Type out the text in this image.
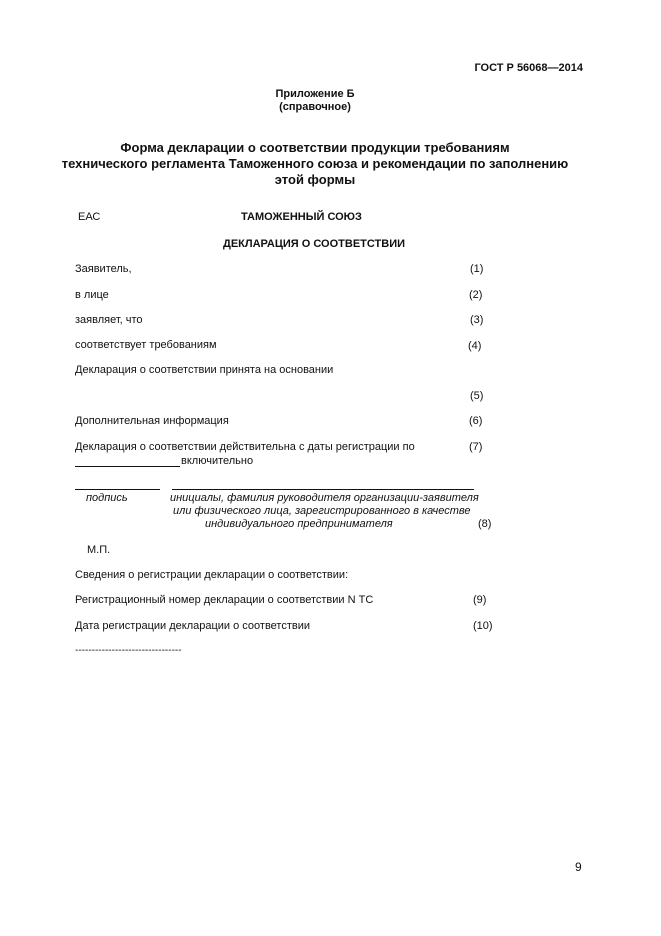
ГОСТ Р 56068—2014
Приложение Б
(справочное)
Форма декларации о соответствии продукции требованиям
технического регламента Таможенного союза и рекомендации по заполнению
этой формы
ЕАС	ТАМОЖЕННЫЙ СОЮЗ
ДЕКЛАРАЦИЯ О СООТВЕТСТВИИ
Заявитель,	(1)
в лице	(2)
заявляет, что	(3)
соответствует требованиям	(4)
Декларация о соответствии принята на основании
(5)
Дополнительная информация	(6)
Декларация о соответствии действительна с даты регистрации по	(7)
включительно
подпись	инициалы, фамилия руководителя организации-заявителя
или физического лица, зарегистрированного в качестве
индивидуального предпринимателя	(8)
М.П.
Сведения о регистрации декларации о соответствии:
Регистрационный номер декларации о соответствии N ТС	(9)
Дата регистрации декларации о соответствии	(10)
--------------------------------
9
